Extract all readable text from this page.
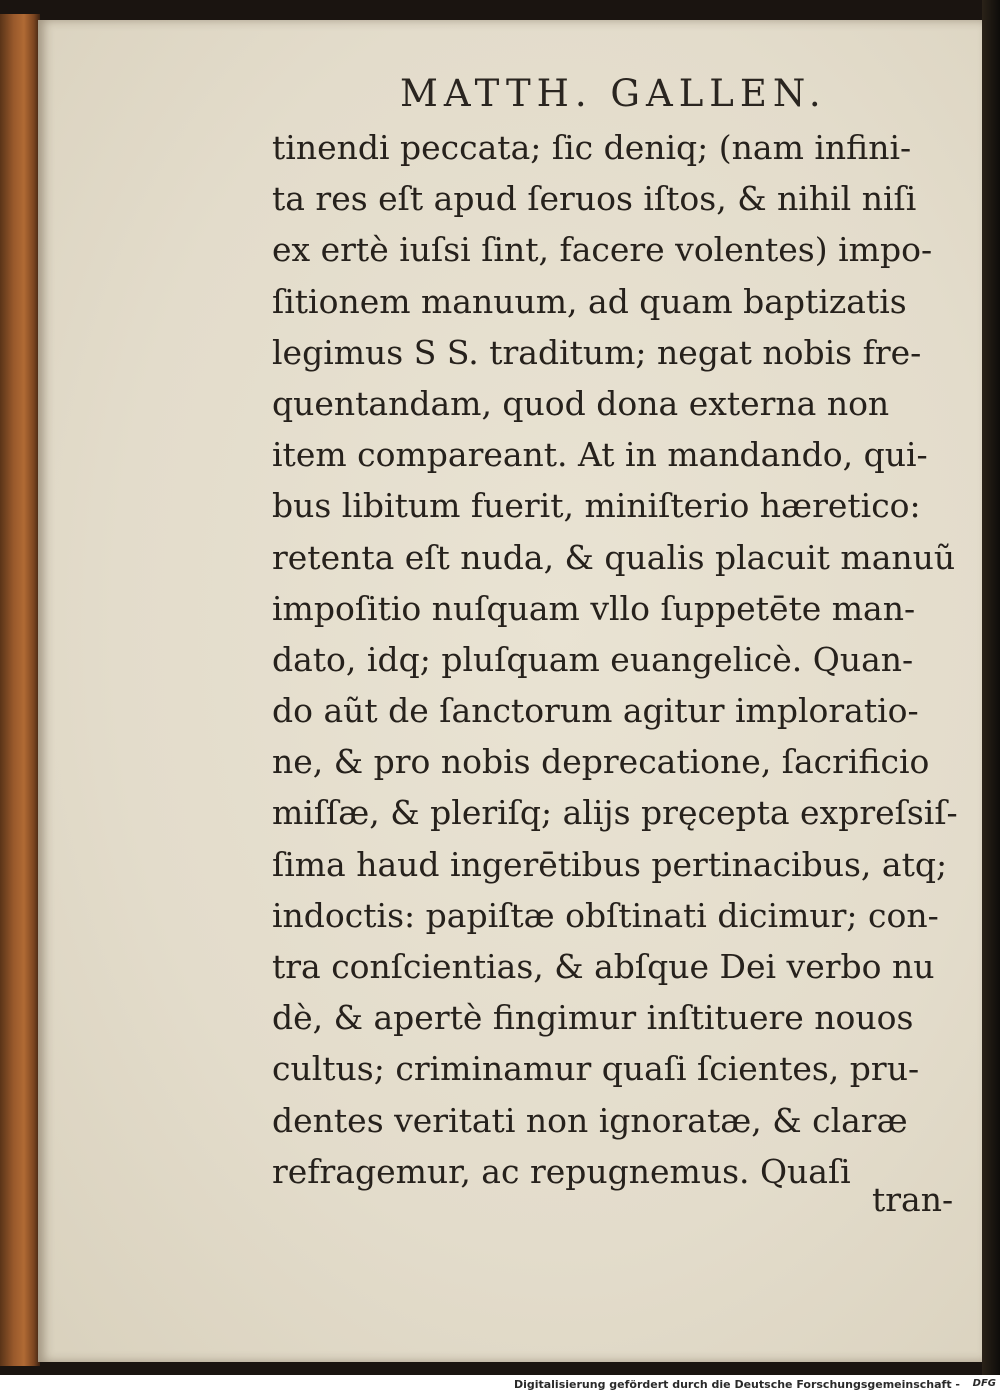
MATTH. GALLEN.
tinendi peccata; ſic deniq; (nam infini-
ta res eſt apud ſeruos iſtos, & nihil niſi
ex ertè iuſsi ſint, facere volentes) impo-
ſitionem manuum, ad quam baptizatis
legimus S S. traditum; negat nobis fre-
quentandam, quod dona externa non
item compareant. At in mandando, qui-
bus libitum fuerit, miniſterio hæretico:
retenta eſt nuda, & qualis placuit manuũ
impoſitio nuſquam vllo ſuppetēte man-
dato, idq; pluſquam euangelicè. Quan-
do aũt de ſanctorum agitur imploratio-
ne, & pro nobis deprecatione, ſacrificio
miſſæ, & pleriſq; alijs pręcepta expreſsiſ-
ſima haud ingerētibus pertinacibus, atq;
indoctis: papiſtæ obſtinati dicimur; con-
tra conſcientias, & abſque Dei verbo nu
dè, & apertè fingimur inſtituere nouos
cultus; criminamur quaſi ſcientes, pru-
dentes veritati non ignoratæ, & claræ
refragemur, ac repugnemus. Quaſi
tran-
Digitalisierung gefördert durch die Deutsche Forschungsgemeinschaft - DFG
